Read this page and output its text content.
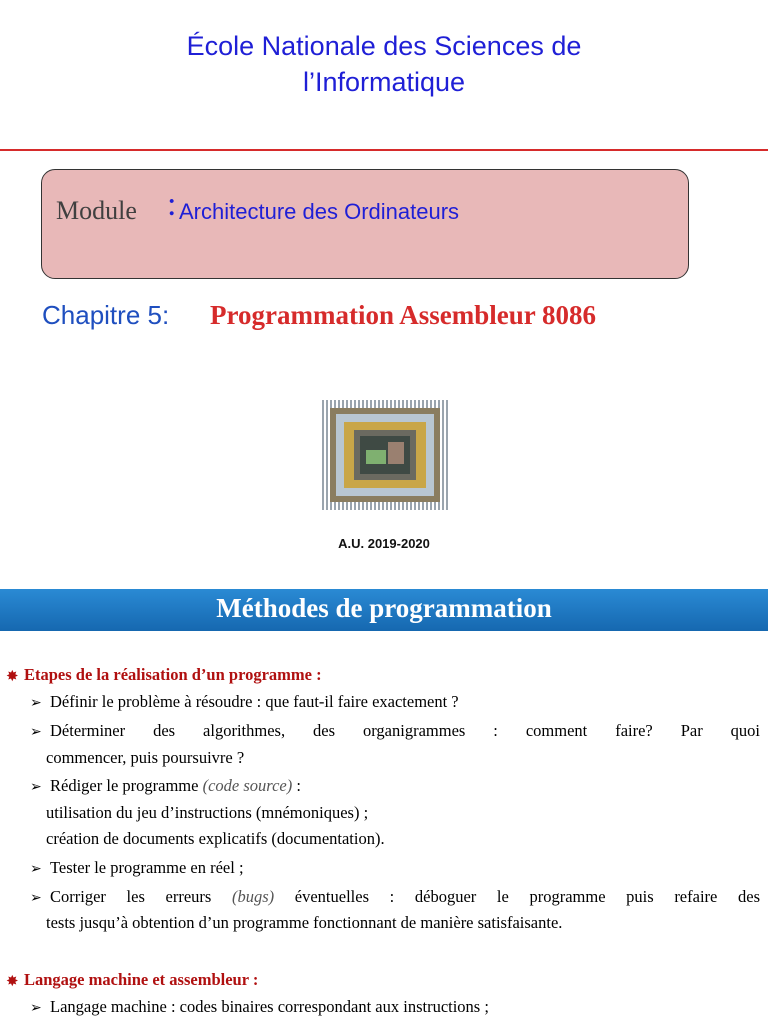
École Nationale des Sciences de
l’Informatique
Module : Architecture des Ordinateurs
Chapitre 5: Programmation Assembleur 8086
A.U. 2019-2020
Méthodes de programmation
✸ Etapes de la réalisation d’un programme :
➢ Définir le problème à résoudre : que faut-il faire exactement ?
➢ Déterminer des algorithmes, des organigrammes : comment faire? Par quoi
commencer, puis poursuivre ?
➢ Rédiger le programme (code source) :
utilisation du jeu d’instructions (mnémoniques) ;
création de documents explicatifs (documentation).
➢ Tester le programme en réel ;
➢ Corriger les erreurs (bugs) éventuelles : déboguer le programme puis refaire des
tests jusqu’à obtention d’un programme fonctionnant de manière satisfaisante.
✸ Langage machine et assembleur :
➢ Langage machine : codes binaires correspondant aux instructions ;
